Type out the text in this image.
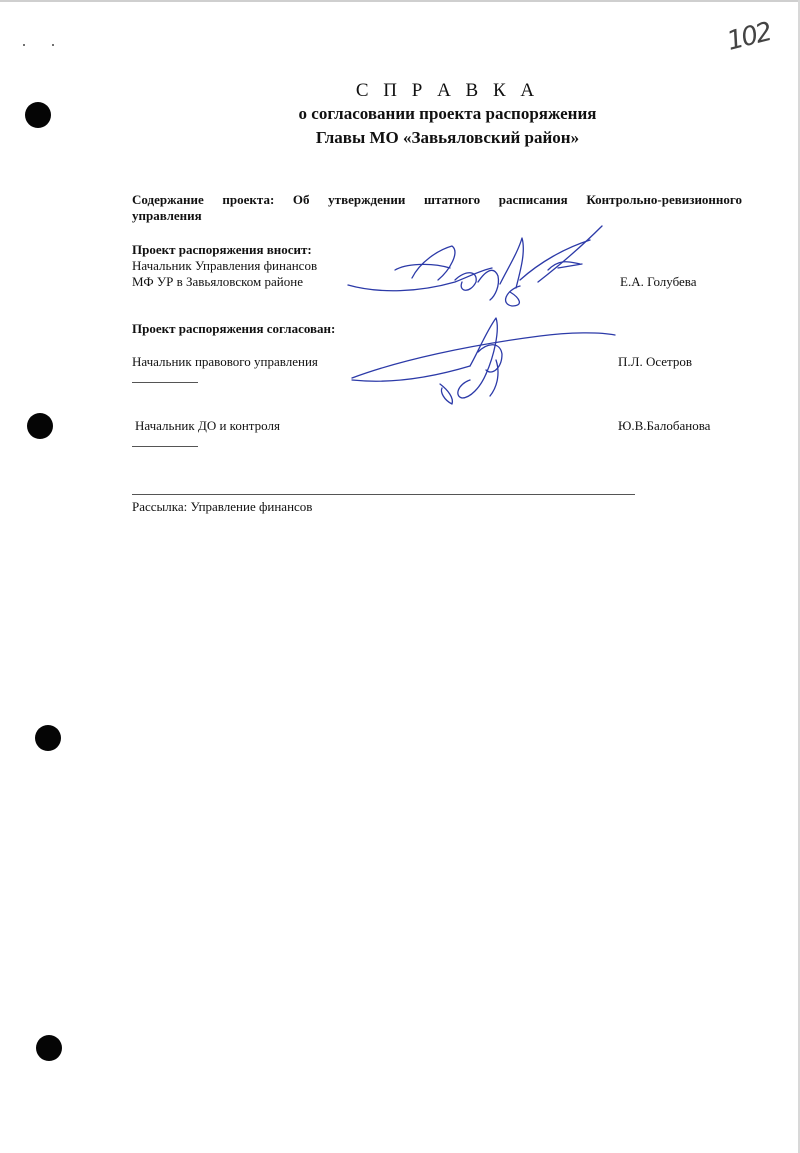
102
С П Р А В К А
о согласовании проекта распоряжения
Главы МО «Завьяловский район»
Содержание проекта: Об утверждении штатного расписания Контрольно-ревизионного
управления
Проект распоряжения вносит:
Начальник Управления финансов
МФ УР в Завьяловском районе	Е.А. Голубева
Проект распоряжения согласован:
Начальник правового управления	П.Л. Осетров
Начальник ДО и контроля	Ю.В.Балобанова
Рассылка: Управление финансов
